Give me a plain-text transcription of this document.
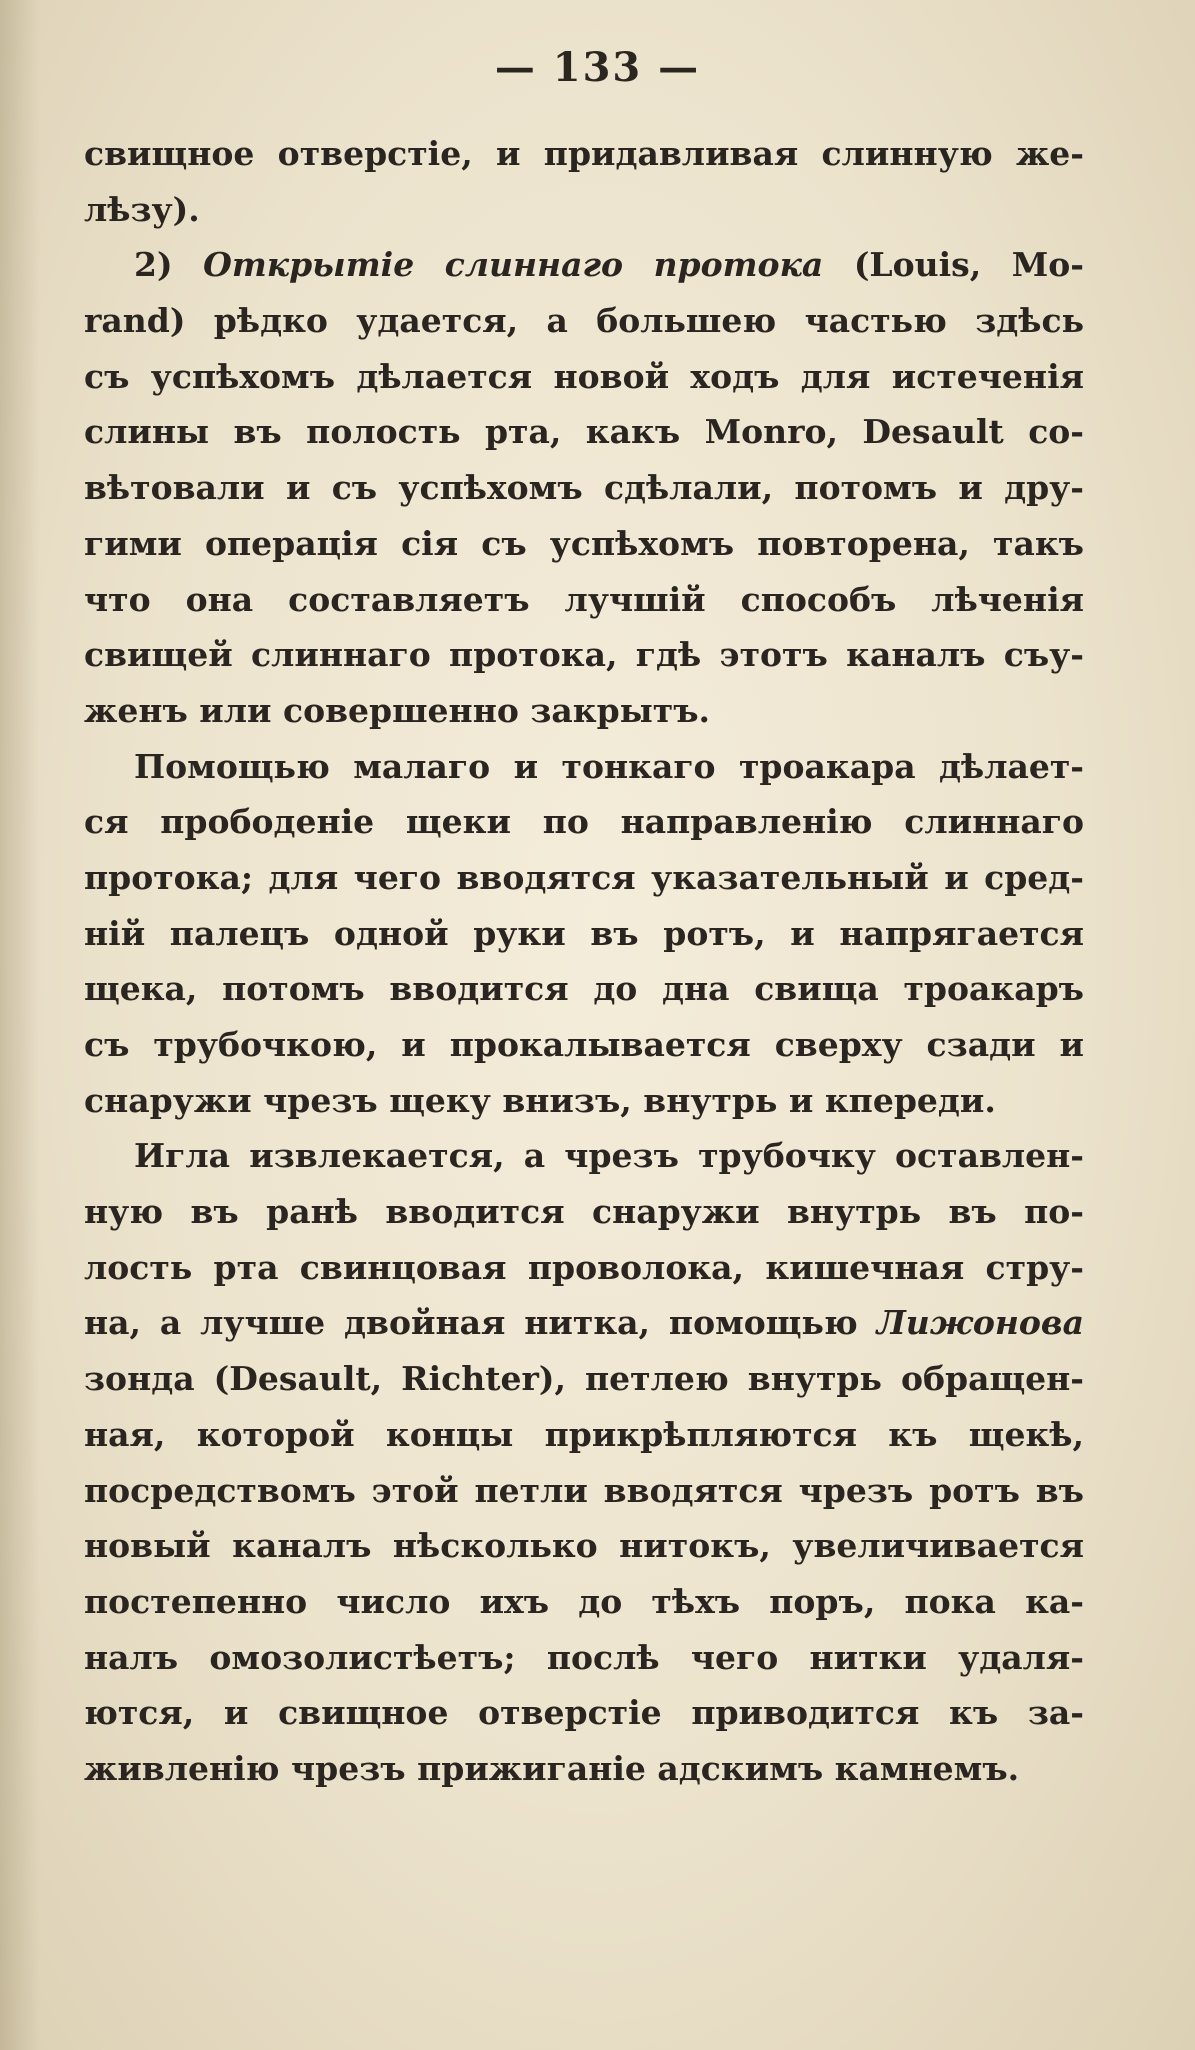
— 133 —
свищное отверстіе, и придавливая слинную же-
лѣзу).
2) Открытіе слиннаго протока (Louis, Mo-
rand) рѣдко удается, а большею частью здѣсь
съ успѣхомъ дѣлается новой ходъ для истеченія
слины въ полость рта, какъ Monro, Desault со-
вѣтовали и съ успѣхомъ сдѣлали, потомъ и дру-
гими операція сія съ успѣхомъ повторена, такъ
что она составляетъ лучшій способъ лѣченія
свищей слиннаго протока, гдѣ этотъ каналъ съу-
женъ или совершенно закрытъ.
Помощью малаго и тонкаго троакара дѣлает-
ся прободеніе щеки по направленію слиннаго
протока; для чего вводятся указательный и сред-
ній палецъ одной руки въ ротъ, и напрягается
щека, потомъ вводится до дна свища троакаръ
съ трубочкою, и прокалывается сверху сзади и
снаружи чрезъ щеку внизъ, внутрь и кпереди.
Игла извлекается, а чрезъ трубочку оставлен-
ную въ ранѣ вводится снаружи внутрь въ по-
лость рта свинцовая проволока, кишечная стру-
на, а лучше двойная нитка, помощью Лижонова
зонда (Desault, Richter), петлею внутрь обращен-
ная, которой концы прикрѣпляются къ щекѣ,
посредствомъ этой петли вводятся чрезъ ротъ въ
новый каналъ нѣсколько нитокъ, увеличивается
постепенно число ихъ до тѣхъ поръ, пока ка-
налъ омозолистѣетъ; послѣ чего нитки удаля-
ются, и свищное отверстіе приводится къ за-
живленію чрезъ прижиганіе адскимъ камнемъ.
